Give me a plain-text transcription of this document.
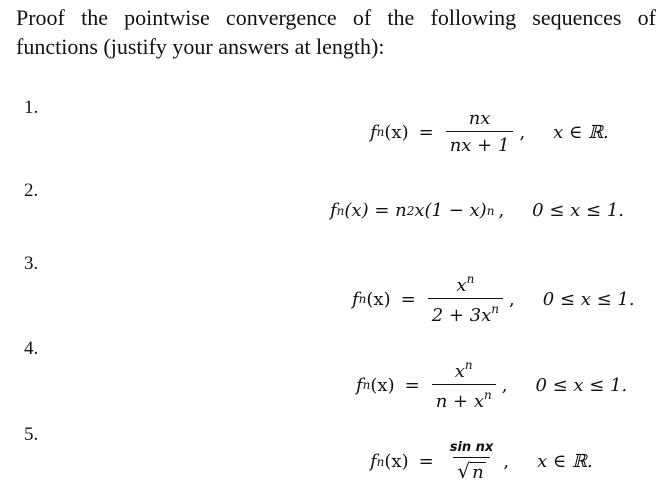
Proof the pointwise convergence of the following sequences of functions (justify your answers at length):
1.
f n $(x) = \frac{nx}{nx + 1}$ , x ∈ ℝ.
2.
f n (x) = n 2 x(1 − x) n , 0 ≤ x ≤ 1.
3.
f n $(x) = \frac{x^n}{2 + 3x^n}$ , 0 ≤ x ≤ 1.
4.
f n $(x) = \frac{x^n}{n + x^n}$ , 0 ≤ x ≤ 1.
5.
f n $(x) = \frac{\text{sin nx}}{√ n}$ , x ∈ ℝ.
